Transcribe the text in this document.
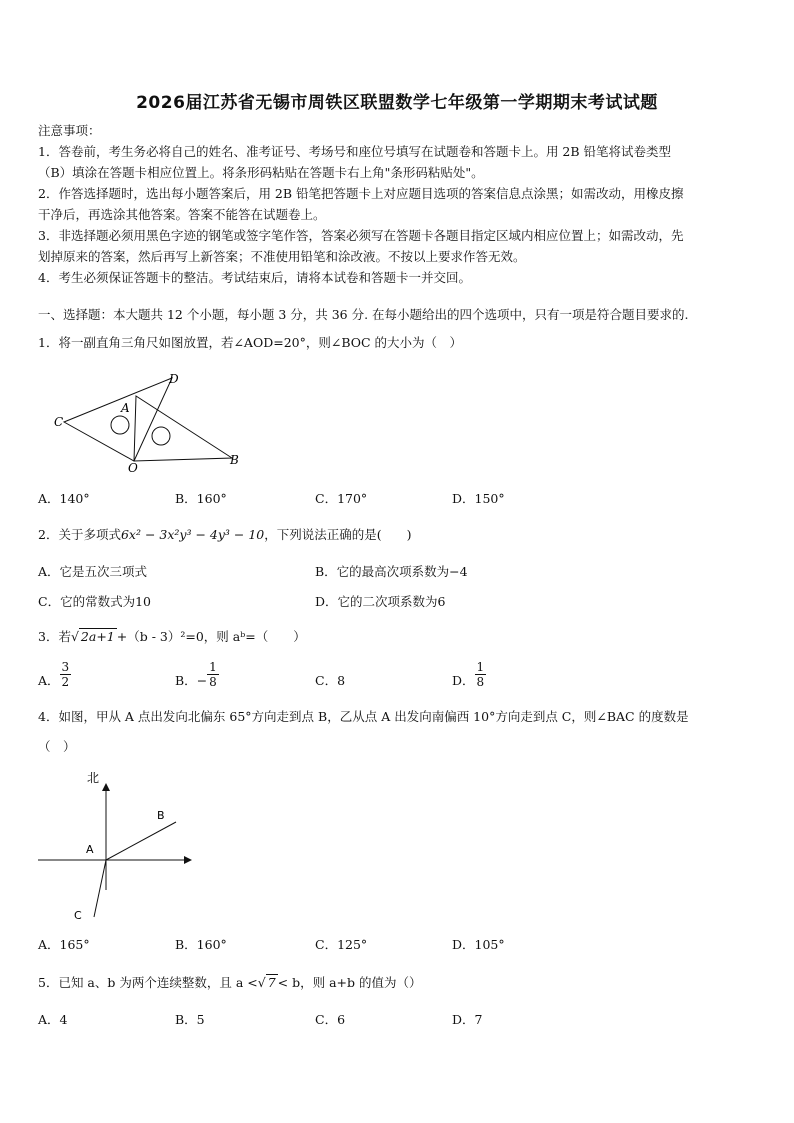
2026届江苏省无锡市周铁区联盟数学七年级第一学期期末考试试题

注意事项：

1．答卷前，考生务必将自己的姓名、准考证号、考场号和座位号填写在试题卷和答题卡上。用 2B 铅笔将试卷类型

（B）填涂在答题卡相应位置上。将条形码粘贴在答题卡右上角"条形码粘贴处"。

2．作答选择题时，选出每小题答案后，用 2B 铅笔把答题卡上对应题目选项的答案信息点涂黑；如需改动，用橡皮擦

干净后，再选涂其他答案。答案不能答在试题卷上。

3．非选择题必须用黑色字迹的钢笔或签字笔作答，答案必须写在答题卡各题目指定区域内相应位置上；如需改动，先

划掉原来的答案，然后再写上新答案；不准使用铅笔和涂改液。不按以上要求作答无效。

4．考生必须保证答题卡的整洁。考试结束后，请将本试卷和答题卡一并交回。

一、选择题：本大题共 12 个小题，每小题 3 分，共 36 分. 在每小题给出的四个选项中，只有一项是符合题目要求的.
1．将一副直角三角尺如图放置，若∠AOD=20°，则∠BOC 的大小为（　）
C
A
D
O
B
A．140°	B．160°	C．170°	D．150°
2．关于多项式6x² − 3x²y³ − 4y³ − 10，下列说法正确的是(　　)
A．它是五次三项式	B．它的最高次项系数为−4
C．它的常数式为10	D．它的二次项系数为6
3．若√ 2a+1 +（b - 3）²=0，则 aᵇ=（　　）
A． $\frac{3}{2}$	B．− $\frac{1}{8}$	C．8	D． $\frac{1}{8}$
4．如图，甲从 A 点出发向北偏东 65°方向走到点 B，乙从点 A 出发向南偏西 10°方向走到点 C，则∠BAC 的度数是
（　）
北
A
B
C
A．165°	B．160°	C．125°	D．105°
5．已知 a、b 为两个连续整数，且 a <√ 7 < b，则 a+b 的值为（）
A．4	B．5	C．6	D．7
